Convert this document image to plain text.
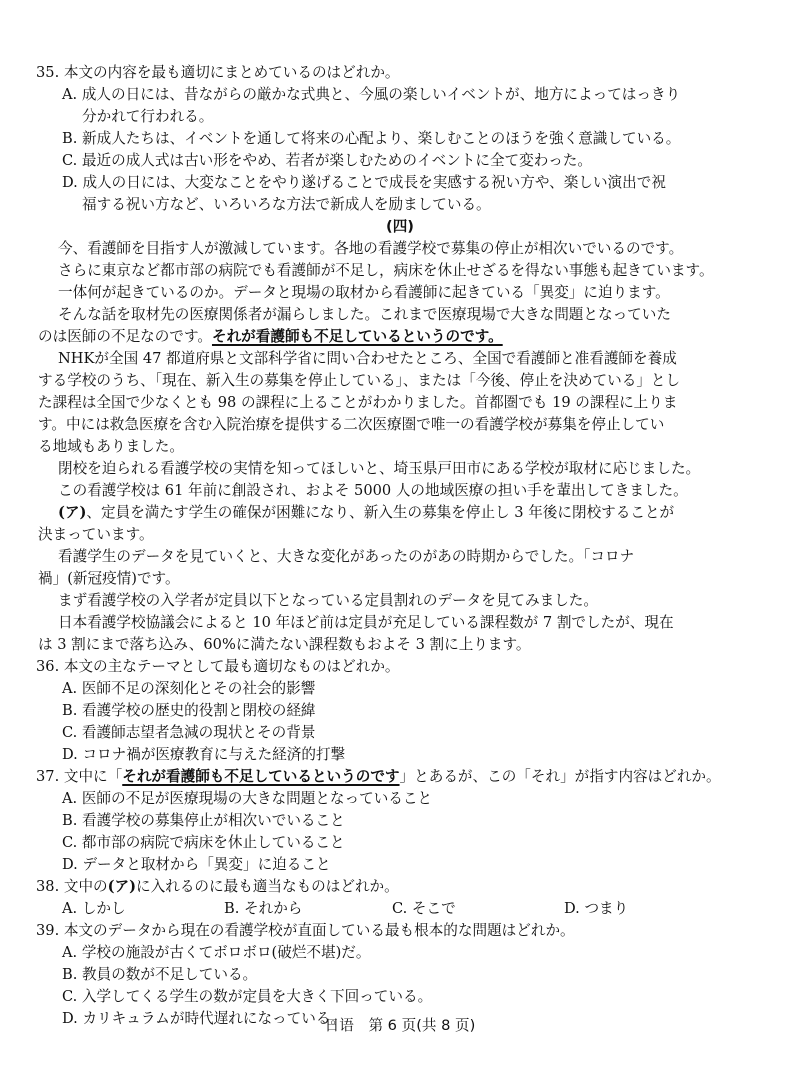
35. 本文の内容を最も適切にまとめているのはどれか。
A. 成人の日には、昔ながらの厳かな式典と、今風の楽しいイベントが、地方によってはっきり
分かれて行われる。
B. 新成人たちは、イベントを通して将来の心配より、楽しむことのほうを強く意識している。
C. 最近の成人式は古い形をやめ、若者が楽しむためのイベントに全て変わった。
D. 成人の日には、大変なことをやり遂げることで成長を実感する祝い方や、楽しい演出で祝
福する祝い方など、いろいろな方法で新成人を励ましている。
(四)
今、看護師を目指す人が激減しています。各地の看護学校で募集の停止が相次いでいるのです。
さらに東京など都市部の病院でも看護師が不足し，病床を休止せざるを得ない事態も起きています。
一体何が起きているのか。データと現場の取材から看護師に起きている「異変」に迫ります。
そんな話を取材先の医療関係者が漏らしました。これまで医療現場で大きな問題となっていた
のは医師の不足なのです。それが看護師も不足しているというのです。
NHKが全国 47 都道府県と文部科学省に問い合わせたところ、全国で看護師と准看護師を養成
する学校のうち、「現在、新入生の募集を停止している」、または「今後、停止を決めている」とし
た課程は全国で少なくとも 98 の課程に上ることがわかりました。首都圏でも 19 の課程に上りま
す。中には救急医療を含む入院治療を提供する二次医療圏で唯一の看護学校が募集を停止してい
る地域もありました。
閉校を迫られる看護学校の実情を知ってほしいと、埼玉県戸田市にある学校が取材に応じました。
この看護学校は 61 年前に創設され、およそ 5000 人の地域医療の担い手を輩出してきました。
(ア)、定員を満たす学生の確保が困難になり、新入生の募集を停止し 3 年後に閉校することが
決まっています。
看護学生のデータを見ていくと、大きな変化があったのがあの時期からでした。「コロナ
禍」(新冠疫情)です。
まず看護学校の入学者が定員以下となっている定員割れのデータを見てみました。
日本看護学校協議会によると 10 年ほど前は定員が充足している課程数が 7 割でしたが、現在
は 3 割にまで落ち込み、60%に満たない課程数もおよそ 3 割に上ります。
36. 本文の主なテーマとして最も適切なものはどれか。
A. 医師不足の深刻化とその社会的影響
B. 看護学校の歴史的役割と閉校の経緯
C. 看護師志望者急減の現状とその背景
D. コロナ禍が医療教育に与えた経済的打撃
37. 文中に「それが看護師も不足しているというのです」とあるが、この「それ」が指す内容はどれか。
A. 医師の不足が医療現場の大きな問題となっていること
B. 看護学校の募集停止が相次いでいること
C. 都市部の病院で病床を休止していること
D. データと取材から「異変」に迫ること
38. 文中の(ア)に入れるのに最も適当なものはどれか。
A. しかし	B. それから	C. そこで	D. つまり
39. 本文のデータから現在の看護学校が直面している最も根本的な問題はどれか。
A. 学校の施設が古くてボロボロ(破烂不堪)だ。
B. 教員の数が不足している。
C. 入学してくる学生の数が定員を大きく下回っている。
D. カリキュラムが時代遅れになっている。
日语　第 6 页(共 8 页)
